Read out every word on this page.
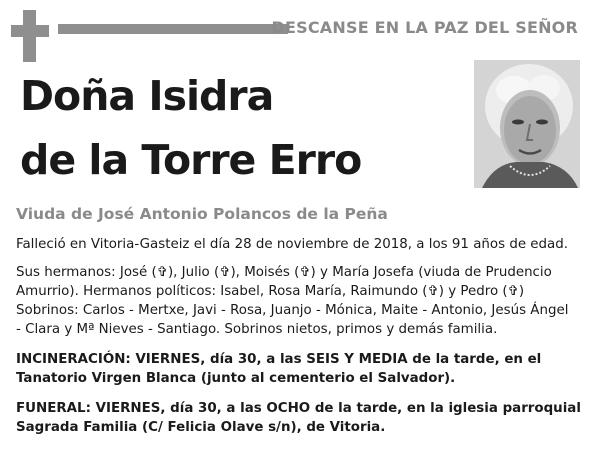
DESCANSE EN LA PAZ DEL SEÑOR
Doña Isidra
de la Torre Erro
Viuda de José Antonio Polancos de la Peña

Falleció en Vitoria-Gasteiz el día 28 de noviembre de 2018, a los 91 años de edad.

Sus hermanos: José (✞), Julio (✞), Moisés (✞) y María Josefa (viuda de Prudencio
Amurrio). Hermanos políticos: Isabel, Rosa María, Raimundo (✞) y Pedro (✞)
Sobrinos: Carlos - Mertxe, Javi - Rosa, Juanjo - Mónica, Maite - Antonio, Jesús Ángel
- Clara y Mª Nieves - Santiago. Sobrinos nietos, primos y demás familia.

INCINERACIÓN: VIERNES, día 30, a las SEIS Y MEDIA de la tarde, en el
Tanatorio Virgen Blanca (junto al cementerio el Salvador).

FUNERAL: VIERNES, día 30, a las OCHO de la tarde, en la iglesia parroquial
Sagrada Familia (C/ Felicia Olave s/n), de Vitoria.
